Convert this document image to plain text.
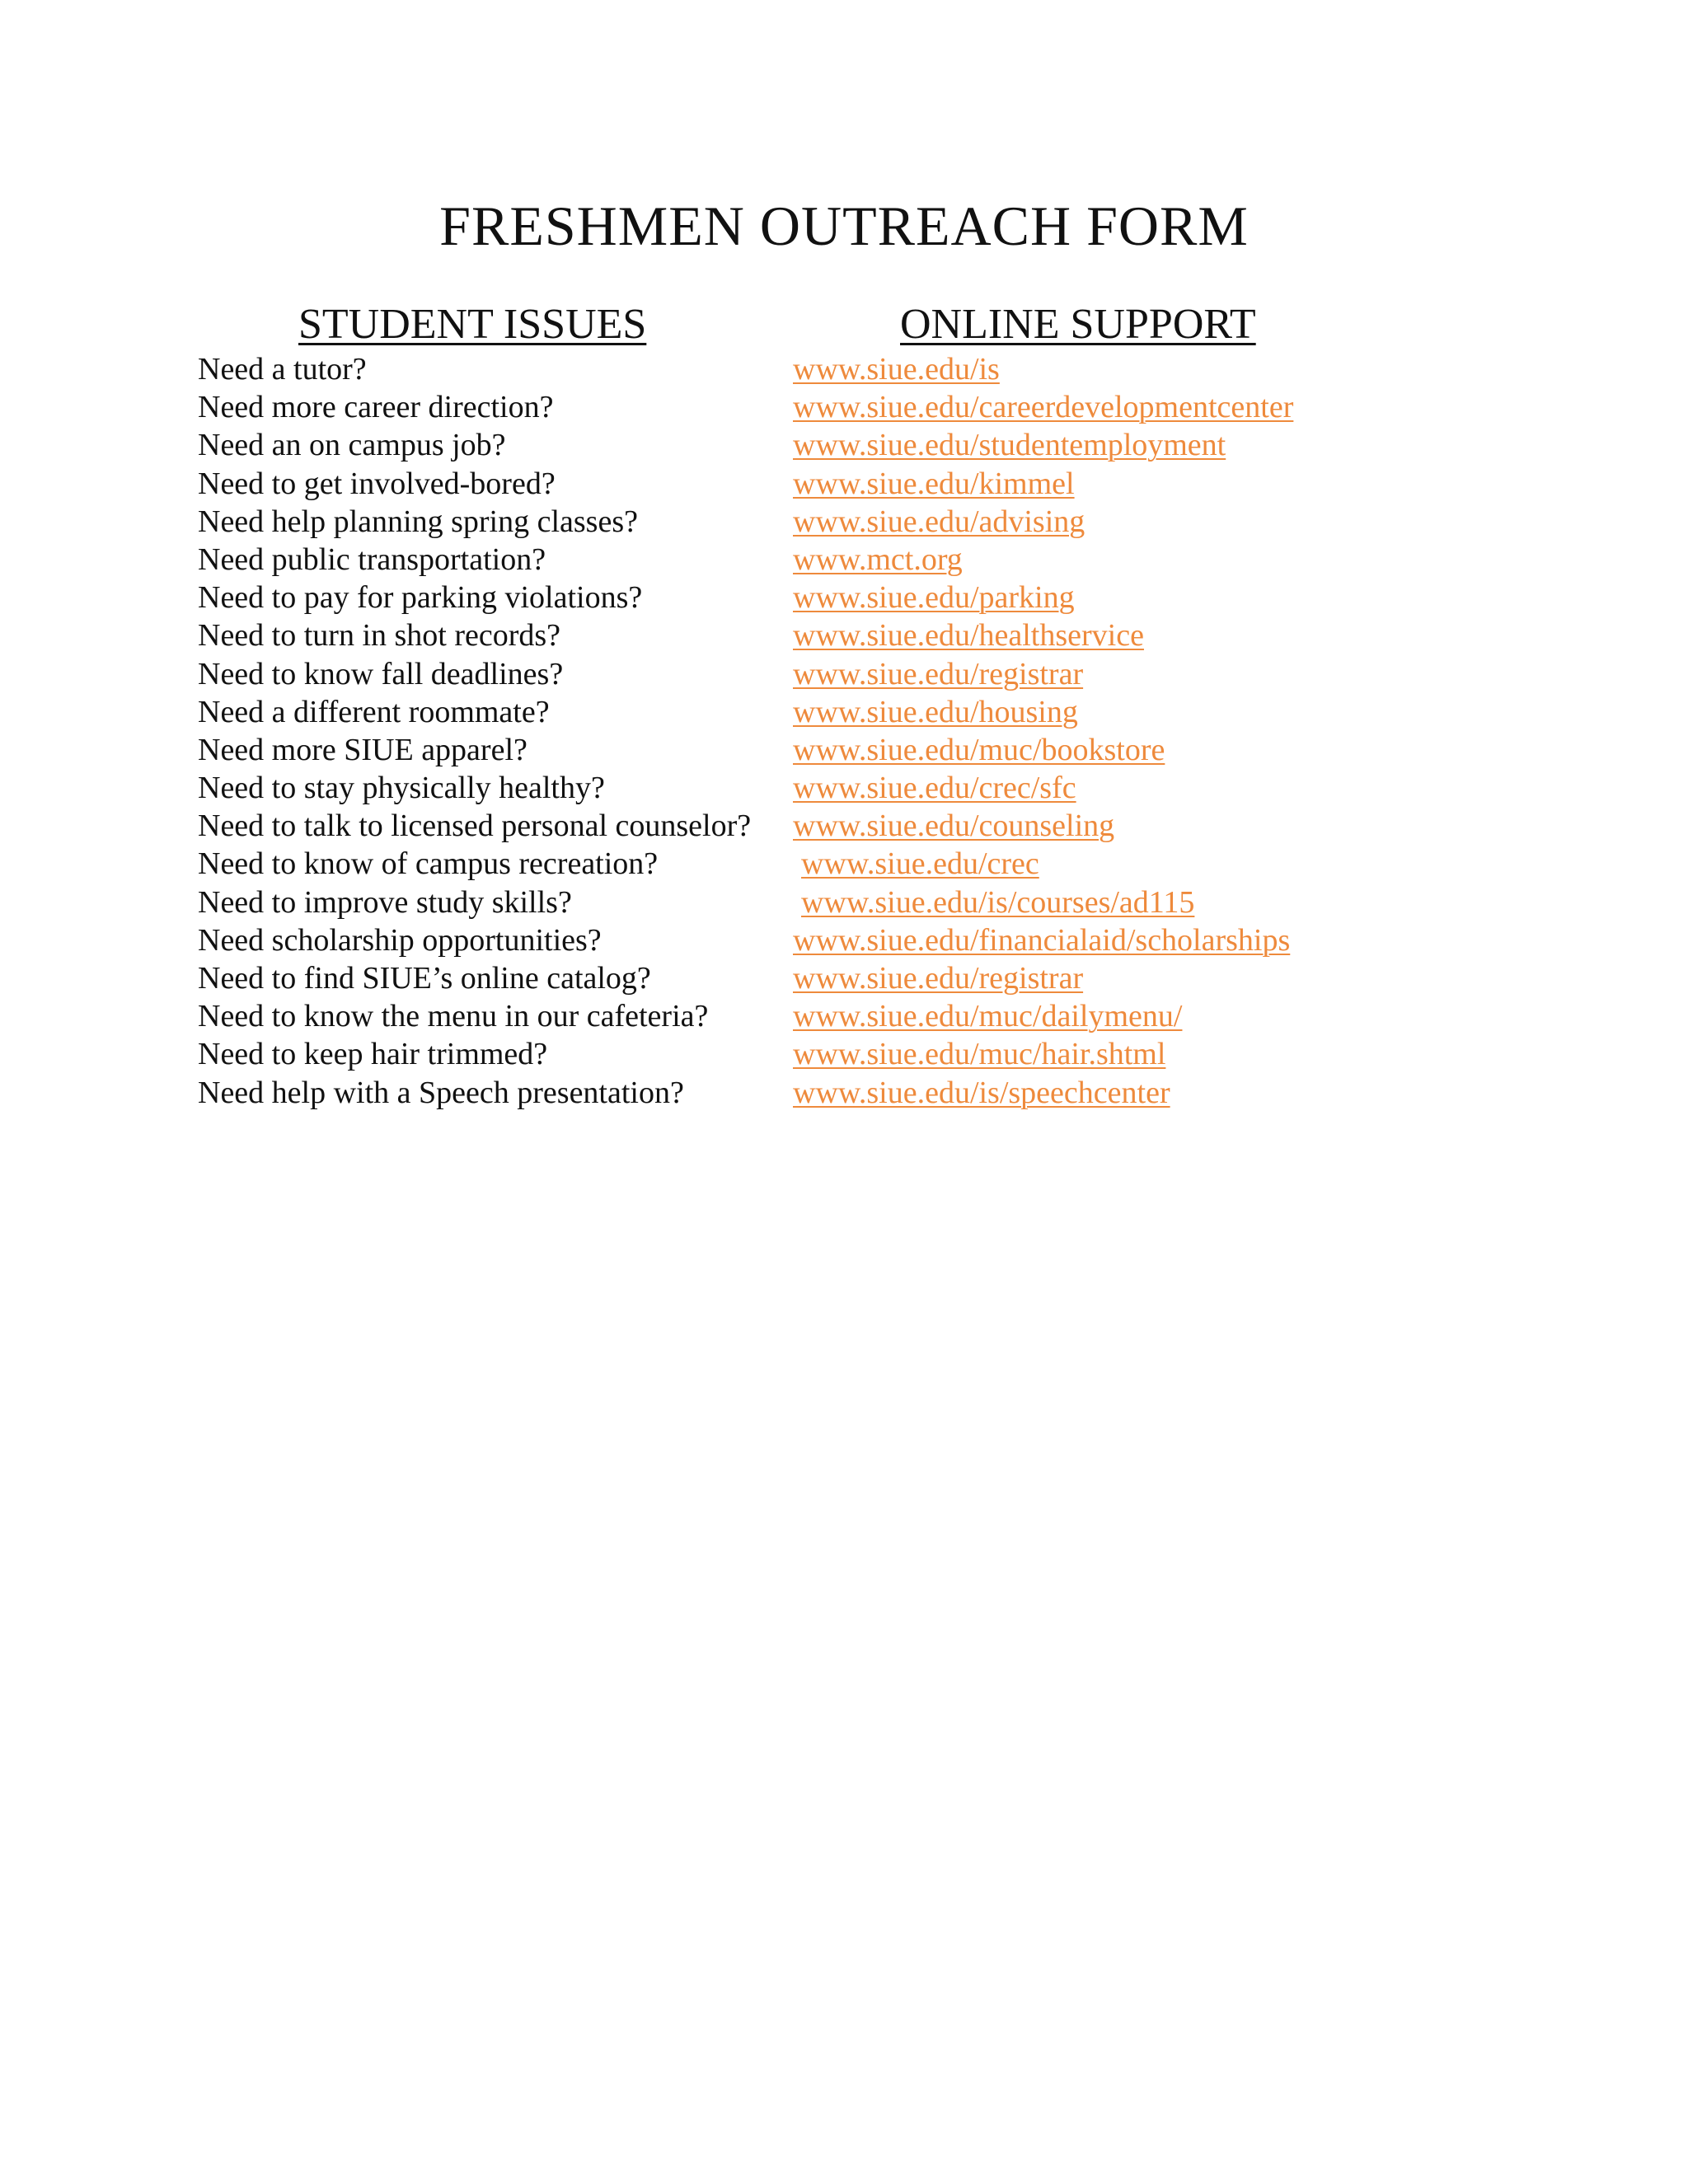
FRESHMEN OUTREACH FORM
STUDENT ISSUES	ONLINE SUPPORT
Need a tutor?	www.siue.edu/is
Need more career direction?	www.siue.edu/careerdevelopmentcenter
Need an on campus job?	www.siue.edu/studentemployment
Need to get involved-bored?	www.siue.edu/kimmel
Need help planning spring classes?	www.siue.edu/advising
Need public transportation?	www.mct.org
Need to pay for parking violations?	www.siue.edu/parking
Need to turn in shot records?	www.siue.edu/healthservice
Need to know fall deadlines?	www.siue.edu/registrar
Need a different roommate?	www.siue.edu/housing
Need more SIUE apparel?	www.siue.edu/muc/bookstore
Need to stay physically healthy?	www.siue.edu/crec/sfc
Need to talk to licensed personal counselor? www.siue.edu/counseling
Need to know of campus recreation?	www.siue.edu/crec
Need to improve study skills?	www.siue.edu/is/courses/ad115
Need scholarship opportunities?	www.siue.edu/financialaid/scholarships
Need to find SIUE’s online catalog?	www.siue.edu/registrar
Need to know the menu in our cafeteria?	www.siue.edu/muc/dailymenu/
Need to keep hair trimmed?	www.siue.edu/muc/hair.shtml
Need help with a Speech presentation?	www.siue.edu/is/speechcenter
